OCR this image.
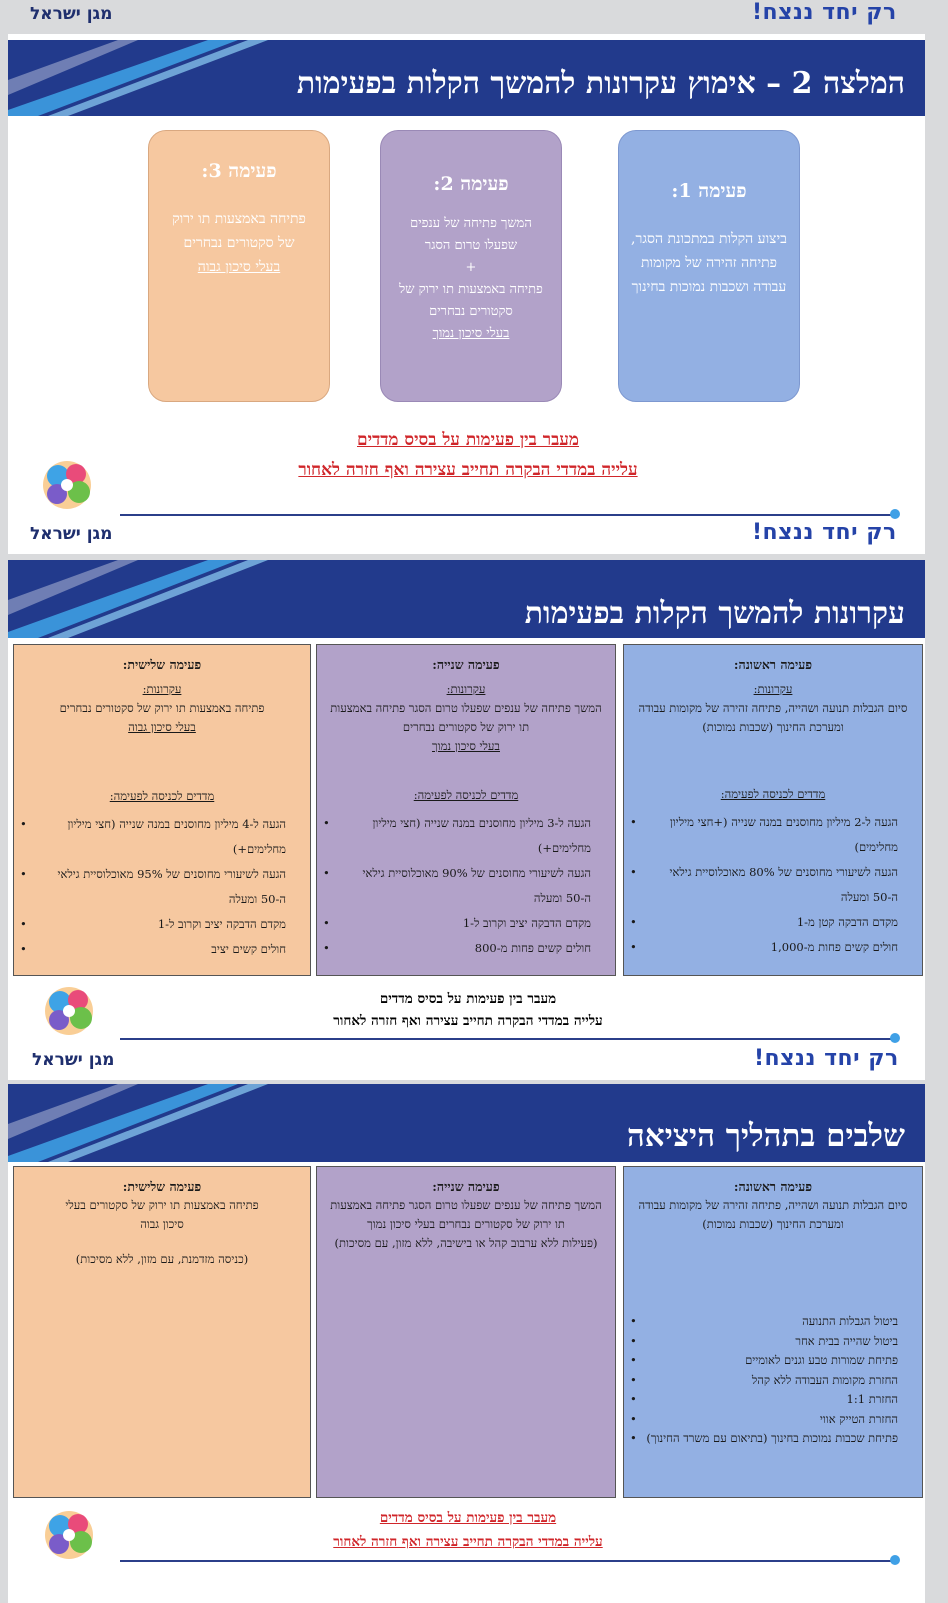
מגן ישראל	רק יחד ננצח!
המלצה 2 – אימוץ עקרונות להמשך הקלות בפעימות
פעימה 1:
ביצוע הקלות במתכונת הסגר, פתיחה זהירה של מקומות עבודה ושכבות נמוכות בחינוך
פעימה 2:
המשך פתיחה של ענפים שפעלו טרום הסגר
+
פתיחה באמצעות תו ירוק של סקטורים נבחרים
בעלי סיכון נמוך
פעימה 3:
פתיחה באמצעות תו ירוק של סקטורים נבחרים
בעלי סיכון גבוה
מעבר בין פעימות על בסיס מדדים
עלייה במדדי הבקרה תחייב עצירה ואף חזרה לאחור
מגן ישראל	רק יחד ננצח!
עקרונות להמשך הקלות בפעימות
פעימה ראשונה:
עקרונות:
סיום הגבלות תנועה ושהייה, פתיחה זהירה של מקומות עבודה ומערכת החינוך (שכבות נמוכות)
מדדים לכניסה לפעימה:
• הגעה ל-2 מיליון מחוסנים במנה שנייה (+חצי מיליון מחלימים)
• הגעה לשיעורי מחוסנים של 80% מאוכלוסיית גילאי ה-50 ומעלה
• מקדם הדבקה קטן מ-1
• חולים קשים פחות מ-1,000
פעימה שנייה:
עקרונות:
המשך פתיחה של ענפים שפעלו טרום הסגר פתיחה באמצעות תו ירוק של סקטורים נבחרים
בעלי סיכון נמוך
מדדים לכניסה לפעימה:
• הגעה ל-3 מיליון מחוסנים במנה שנייה (חצי מיליון מחלימים+)
• הגעה לשיעורי מחוסנים של 90% מאוכלוסיית גילאי ה-50 ומעלה
• מקדם הדבקה יציב וקרוב ל-1
• חולים קשים פחות מ-800
פעימה שלישית:
עקרונות:
פתיחה באמצעות תו ירוק של סקטורים נבחרים
בעלי סיכון גבוה
מדדים לכניסה לפעימה:
• הגעה ל-4 מיליון מחוסנים במנה שנייה (חצי מיליון מחלימים+)
• הגעה לשיעורי מחוסנים של 95% מאוכלוסיית גילאי ה-50 ומעלה
• מקדם הדבקה יציב וקרוב ל-1
• חולים קשים יציב
מעבר בין פעימות על בסיס מדדים
עלייה במדדי הבקרה תחייב עצירה ואף חזרה לאחור
מגן ישראל	רק יחד ננצח!
שלבים בתהליך היציאה
פעימה ראשונה:
סיום הגבלות תנועה ושהייה, פתיחה זהירה של מקומות עבודה ומערכת החינוך (שכבות נמוכות)
• ביטול הגבלות התנועה
• ביטול שהייה בבית אחר
• פתיחת שמורות טבע וגנים לאומיים
• החזרת מקומות העבודה ללא קהל
• החזרת 1:1
• החזרת הטייק אווי
• פתיחת שכבות נמוכות בחינוך (בתיאום עם משרד החינוך)
פעימה שנייה:
המשך פתיחה של ענפים שפעלו טרום הסגר פתיחה באמצעות תו ירוק של סקטורים נבחרים בעלי סיכון נמוך
(פעילות ללא ערבוב קהל או בישיבה, ללא מזון, עם מסיכות)
פעימה שלישית:
פתיחה באמצעות תו ירוק של סקטורים בעלי סיכון גבוה
(כניסה מזדמנת, עם מזון, ללא מסיכות)
מעבר בין פעימות על בסיס מדדים
עלייה במדדי הבקרה תחייב עצירה ואף חזרה לאחור
